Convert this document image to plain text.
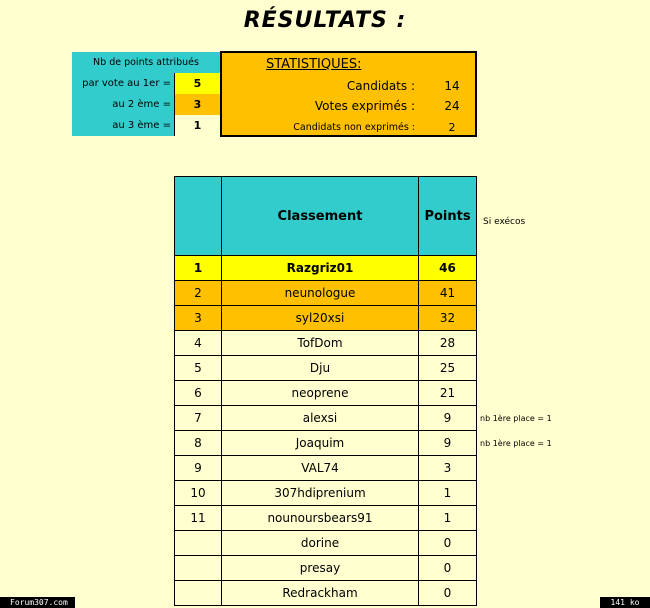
RÉSULTATS :
Nb de points attribués
par vote au 1er =	5
au 2 ème =	3
au 3 ème =	1
STATISTIQUES:
Candidats : 14
Votes exprimés : 24
Candidats non exprimés :	2
	Classement	Points
1	Razgriz01	46
2	neunologue	41
3	syl20xsi	32
4	TofDom	28
5	Dju	25
6	neoprene	21
7	alexsi	9
8	Joaquim	9
9	VAL74	3
10	307hdiprenium	1
11	nounoursbears91	1
	dorine	0
	presay	0
	Redrackham	0
Si exécos
Forum307.com	141 ko
nb 1ère place = 1
nb 1ère place = 1
